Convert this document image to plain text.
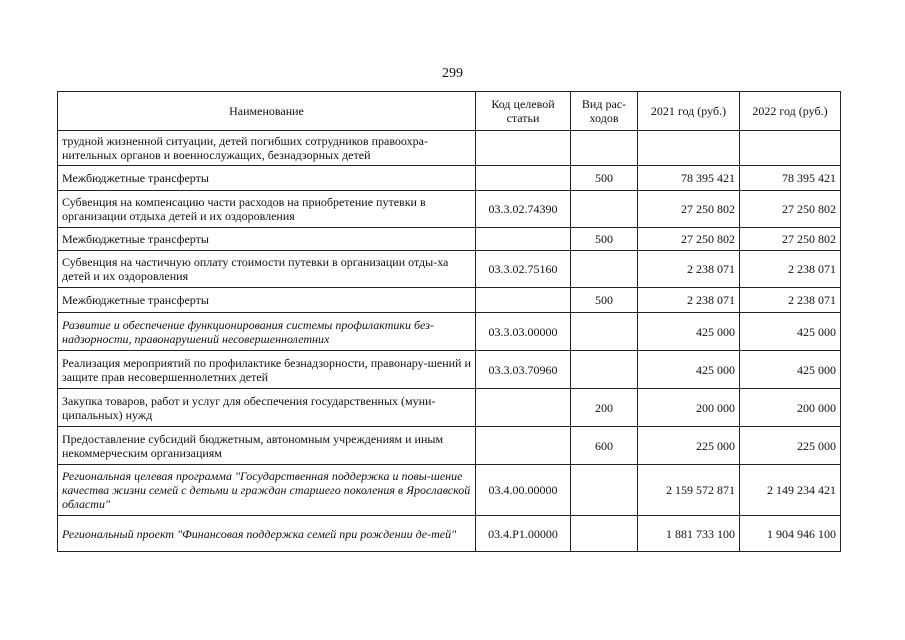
299
Наименование	Код целевой статьи	Вид рас-ходов	2021 год (руб.)	2022 год (руб.)
трудной жизненной ситуации, детей погибших сотрудников правоохра-нительных органов и военнослужащих, безнадзорных детей				
Межбюджетные трансферты		500	78 395 421	78 395 421
Субвенция на компенсацию части расходов на приобретение путевки в организации отдыха детей и их оздоровления	03.3.02.74390		27 250 802	27 250 802
Межбюджетные трансферты		500	27 250 802	27 250 802
Субвенция на частичную оплату стоимости путевки в организации отды-ха детей и их оздоровления	03.3.02.75160		2 238 071	2 238 071
Межбюджетные трансферты		500	2 238 071	2 238 071
Развитие и обеспечение функционирования системы профилактики без-надзорности, правонарушений несовершеннолетних	03.3.03.00000		425 000	425 000
Реализация мероприятий по профилактике безнадзорности, правонару-шений и защите прав несовершеннолетних детей	03.3.03.70960		425 000	425 000
Закупка товаров, работ и услуг для обеспечения государственных (муни-ципальных) нужд		200	200 000	200 000
Предоставление субсидий бюджетным, автономным учреждениям и иным некоммерческим организациям		600	225 000	225 000
Региональная целевая программа "Государственная поддержка и повы-шение качества жизни семей с детьми и граждан старшего поколения в Ярославской области"	03.4.00.00000		2 159 572 871	2 149 234 421
Региональный проект "Финансовая поддержка семей при рождении де-тей"	03.4.P1.00000		1 881 733 100	1 904 946 100
